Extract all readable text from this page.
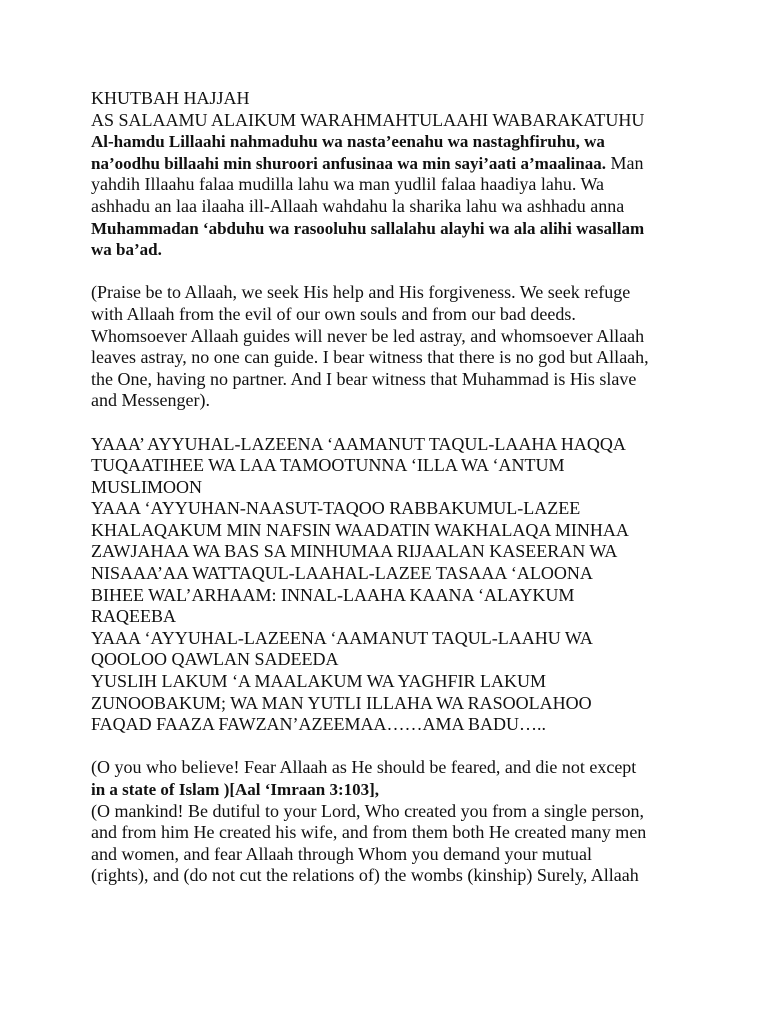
KHUTBAH HAJJAH
AS SALAAMU ALAIKUM WARAHMAHTULAAHI WABARAKATUHU
Al-hamdu Lillaahi nahmaduhu wa nasta’eenahu wa nastaghfiruhu, wa
na’oodhu billaahi min shuroori anfusinaa wa min sayi’aati a’maalinaa. Man
yahdih Illaahu falaa mudilla lahu wa man yudlil falaa haadiya lahu. Wa
ashhadu an laa ilaaha ill-Allaah wahdahu la sharika lahu wa ashhadu anna
Muhammadan ‘abduhu wa rasooluhu sallalahu alayhi wa ala alihi wasallam
wa ba’ad.
(Praise be to Allaah, we seek His help and His forgiveness. We seek refuge
with Allaah from the evil of our own souls and from our bad deeds.
Whomsoever Allaah guides will never be led astray, and whomsoever Allaah
leaves astray, no one can guide. I bear witness that there is no god but Allaah,
the One, having no partner. And I bear witness that Muhammad is His slave
and Messenger).
YAAA’ AYYUHAL-LAZEENA ‘AAMANUT TAQUL-LAAHA HAQQA
TUQAATIHEE WA LAA TAMOOTUNNA ‘ILLA WA ‘ANTUM
MUSLIMOON
YAAA ‘AYYUHAN-NAASUT-TAQOO RABBAKUMUL-LAZEE
KHALAQAKUM MIN NAFSIN WAADATIN WAKHALAQA MINHAA
ZAWJAHAA WA BAS SA MINHUMAA RIJAALAN KASEERAN WA
NISAAA’AA WATTAQUL-LAAHAL-LAZEE TASAAA ‘ALOONA
BIHEE WAL’ARHAAM: INNAL-LAAHA KAANA ‘ALAYKUM
RAQEEBA
YAAA ‘AYYUHAL-LAZEENA ‘AAMANUT TAQUL-LAAHU WA
QOOLOO QAWLAN SADEEDA
YUSLIH LAKUM ‘A MAALAKUM WA YAGHFIR LAKUM
ZUNOOBAKUM; WA MAN YUTLI ILLAHA WA RASOOLAHOO
FAQAD FAAZA FAWZAN’AZEEMAA……AMA BADU…..
(O you who believe! Fear Allaah as He should be feared, and die not except
in a state of Islam )[Aal ‘Imraan 3:103],
(O mankind! Be dutiful to your Lord, Who created you from a single person,
and from him He created his wife, and from them both He created many men
and women, and fear Allaah through Whom you demand your mutual
(rights), and (do not cut the relations of) the wombs (kinship) Surely, Allaah
